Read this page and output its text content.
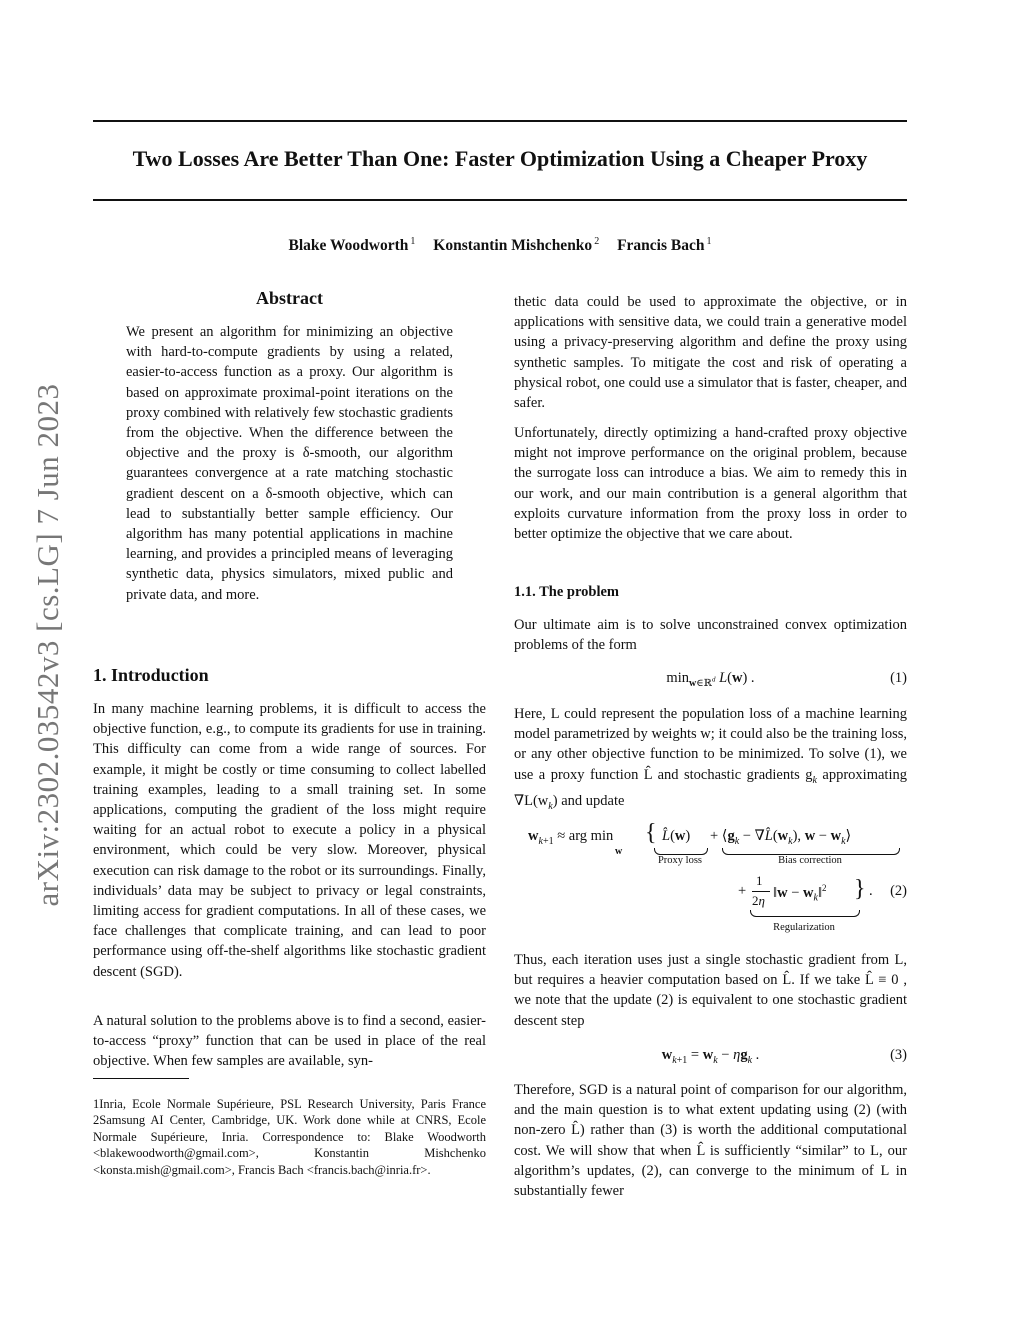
arXiv:2302.03542v3 [cs.LG] 7 Jun 2023
Two Losses Are Better Than One: Faster Optimization Using a Cheaper Proxy
Blake Woodworth $^1$ Konstantin Mishchenko $^2$ Francis Bach $^1$
Abstract

We present an algorithm for minimizing an objective with hard-to-compute gradients by using a related, easier-to-access function as a proxy. Our algorithm is based on approximate proximal-point iterations on the proxy combined with relatively few stochastic gradients from the objective. When the difference between the objective and the proxy is δ-smooth, our algorithm guarantees convergence at a rate matching stochastic gradient descent on a δ-smooth objective, which can lead to substantially better sample efficiency. Our algorithm has many potential applications in machine learning, and provides a principled means of leveraging synthetic data, physics simulators, mixed public and private data, and more.

1. Introduction

In many machine learning problems, it is difficult to access the objective function, e.g., to compute its gradients for use in training. This difficulty can come from a wide range of sources. For example, it might be costly or time consuming to collect labelled training examples, leading to a small training set. In some applications, computing the gradient of the loss might require waiting for an actual robot to execute a policy in a physical environment, which could be very slow. Moreover, physical execution can risk damage to the robot or its surroundings. Finally, individuals’ data may be subject to privacy or legal constraints, limiting access for gradient computations. In all of these cases, we face challenges that complicate training, and can lead to poor performance using off-the-shelf algorithms like stochastic gradient descent (SGD).

A natural solution to the problems above is to find a second, easier-to-access “proxy” function that can be used in place of the real objective. When few samples are available, syn-

1Inria, Ecole Normale Supérieure, PSL Research University, Paris France 2Samsung AI Center, Cambridge, UK. Work done while at CNRS, Ecole Normale Supérieure, Inria. Correspondence to: Blake Woodworth <blakewoodworth@gmail.com>, Konstantin Mishchenko <konsta.mish@gmail.com>, Francis Bach <francis.bach@inria.fr>.

thetic data could be used to approximate the objective, or in applications with sensitive data, we could train a generative model using a privacy-preserving algorithm and define the proxy using synthetic samples. To mitigate the cost and risk of operating a physical robot, one could use a simulator that is faster, cheaper, and safer.

Unfortunately, directly optimizing a hand-crafted proxy objective might not improve performance on the original problem, because the surrogate loss can introduce a bias. We aim to remedy this in our work, and our main contribution is a general algorithm that exploits curvature information from the proxy loss in order to better optimize the objective that we care about.

1.1. The problem

Our ultimate aim is to solve unconstrained convex optimization problems of the form

$\min_{w\in ℝ^d} L(w)$ .	(1)

Here, L could represent the population loss of a machine learning model parametrized by weights w; it could also be the training loss, or any other objective function to be minimized. To solve (1), we use a proxy function L̂ and stochastic gradients $g_k$ approximating $\nabla L(w_k)$ and update

$w_{k+1}$ ≈ arg min
w
{ L̂(w)
Proxy loss
+ $⟨g_k$ − $\nabla L̂(w_k)$, $w - w_k⟩$
Bias correction
+
1
2η ‖w − $w_k‖^2$ } .
Regularization
(2)

Thus, each iteration uses just a single stochastic gradient from L, but requires a heavier computation based on L̂. If we take L̂ ≡ 0 , we note that the update (2) is equivalent to one stochastic gradient descent step

$w_{k+1} = w_k - \eta g_k$ .	(3)

Therefore, SGD is a natural point of comparison for our algorithm, and the main question is to what extent updating using (2) (with non-zero L̂) rather than (3) is worth the additional computational cost. We will show that when L̂ is sufficiently “similar” to L, our algorithm’s updates, (2), can converge to the minimum of L in substantially fewer
